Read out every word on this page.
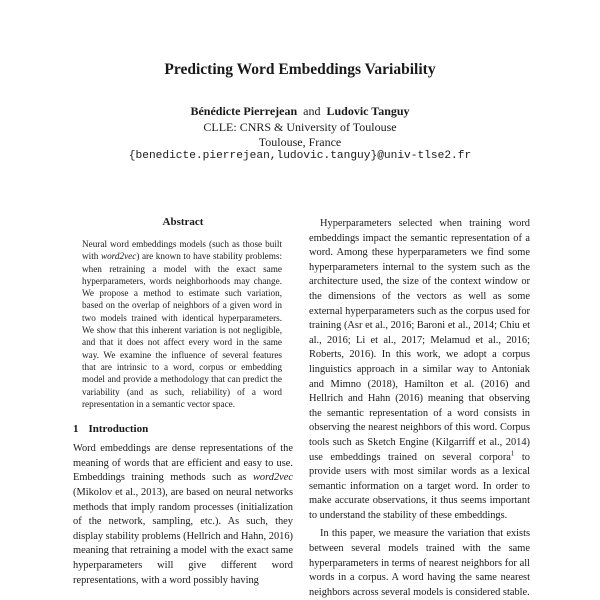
Predicting Word Embeddings Variability
Bénédicte Pierrejean and Ludovic Tanguy
CLLE: CNRS & University of Toulouse
Toulouse, France
{benedicte.pierrejean,ludovic.tanguy}@univ-tlse2.fr
Abstract

Neural word embeddings models (such as those built with word2vec) are known to have stability problems: when retraining a model with the exact same hyperparameters, words neighborhoods may change. We propose a method to estimate such variation, based on the overlap of neighbors of a given word in two models trained with identical hyperparameters. We show that this inherent variation is not negligible, and that it does not affect every word in the same way. We examine the influence of several features that are intrinsic to a word, corpus or embedding model and provide a methodology that can predict the variability (and as such, reliability) of a word representation in a semantic vector space.

1 Introduction

Word embeddings are dense representations of the meaning of words that are efficient and easy to use. Embeddings training methods such as word2vec (Mikolov et al., 2013), are based on neural networks methods that imply random processes (initialization of the network, sampling, etc.). As such, they display stability problems (Hellrich and Hahn, 2016) meaning that retraining a model with the exact same hyperparameters will give different word representations, with a word possibly having

Hyperparameters selected when training word embeddings impact the semantic representation of a word. Among these hyperparameters we find some hyperparameters internal to the system such as the architecture used, the size of the context window or the dimensions of the vectors as well as some external hyperparameters such as the corpus used for training (Asr et al., 2016; Baroni et al., 2014; Chiu et al., 2016; Li et al., 2017; Melamud et al., 2016; Roberts, 2016). In this work, we adopt a corpus linguistics approach in a similar way to Antoniak and Mimno (2018), Hamilton et al. (2016) and Hellrich and Hahn (2016) meaning that observing the semantic representation of a word consists in observing the nearest neighbors of this word. Corpus tools such as Sketch Engine (Kilgarriff et al., 2014) use embeddings trained on several corpora$^1$ to provide users with most similar words as a lexical semantic information on a target word. In order to make accurate observations, it thus seems important to understand the stability of these embeddings.

In this paper, we measure the variation that exists between several models trained with the same hyperparameters in terms of nearest neighbors for all words in a corpus. A word having the same nearest neighbors across several models is considered stable.
